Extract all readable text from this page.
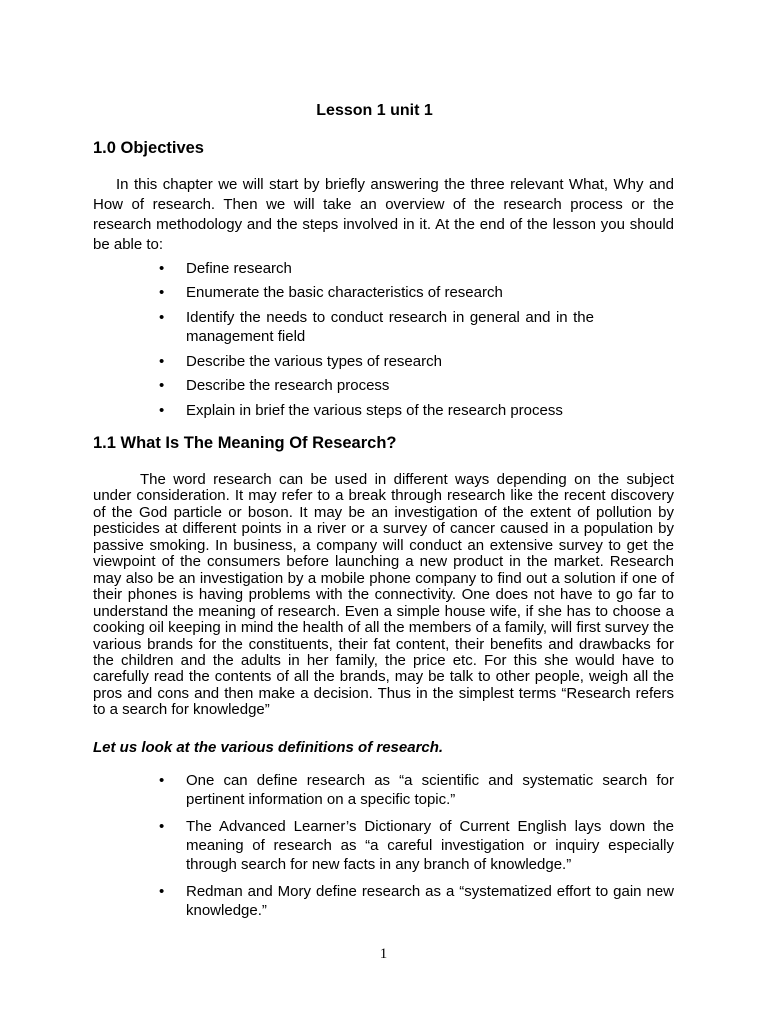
Lesson 1 unit 1
1.0 Objectives

In this chapter we will start by briefly answering the three relevant What, Why and How of research. Then we will take an overview of the research process or the research methodology and the steps involved in it. At the end of the lesson you should be able to:

• Define research
• Enumerate the basic characteristics of research
• Identify the needs to conduct research in general and in the management field
• Describe the various types of research
• Describe the research process
• Explain in brief the various steps of the research process
1.1 What Is The Meaning Of Research?

The word research can be used in different ways depending on the subject under consideration. It may refer to a break through research like the recent discovery of the God particle or boson. It may be an investigation of the extent of pollution by pesticides at different points in a river or a survey of cancer caused in a population by passive smoking. In business, a company will conduct an extensive survey to get the viewpoint of the consumers before launching a new product in the market. Research may also be an investigation by a mobile phone company to find out a solution if one of their phones is having problems with the connectivity. One does not have to go far to understand the meaning of research. Even a simple house wife, if she has to choose a cooking oil keeping in mind the health of all the members of a family, will first survey the various brands for the constituents, their fat content, their benefits and drawbacks for the children and the adults in her family, the price etc. For this she would have to carefully read the contents of all the brands, may be talk to other people, weigh all the pros and cons and then make a decision. Thus in the simplest terms “Research refers to a search for knowledge”

Let us look at the various definitions of research.
• One can define research as “a scientific and systematic search for pertinent information on a specific topic.”
• The Advanced Learner’s Dictionary of Current English lays down the meaning of research as “a careful investigation or inquiry especially through search for new facts in any branch of knowledge.”
• Redman and Mory define research as a “systematized effort to gain new knowledge.”
1
